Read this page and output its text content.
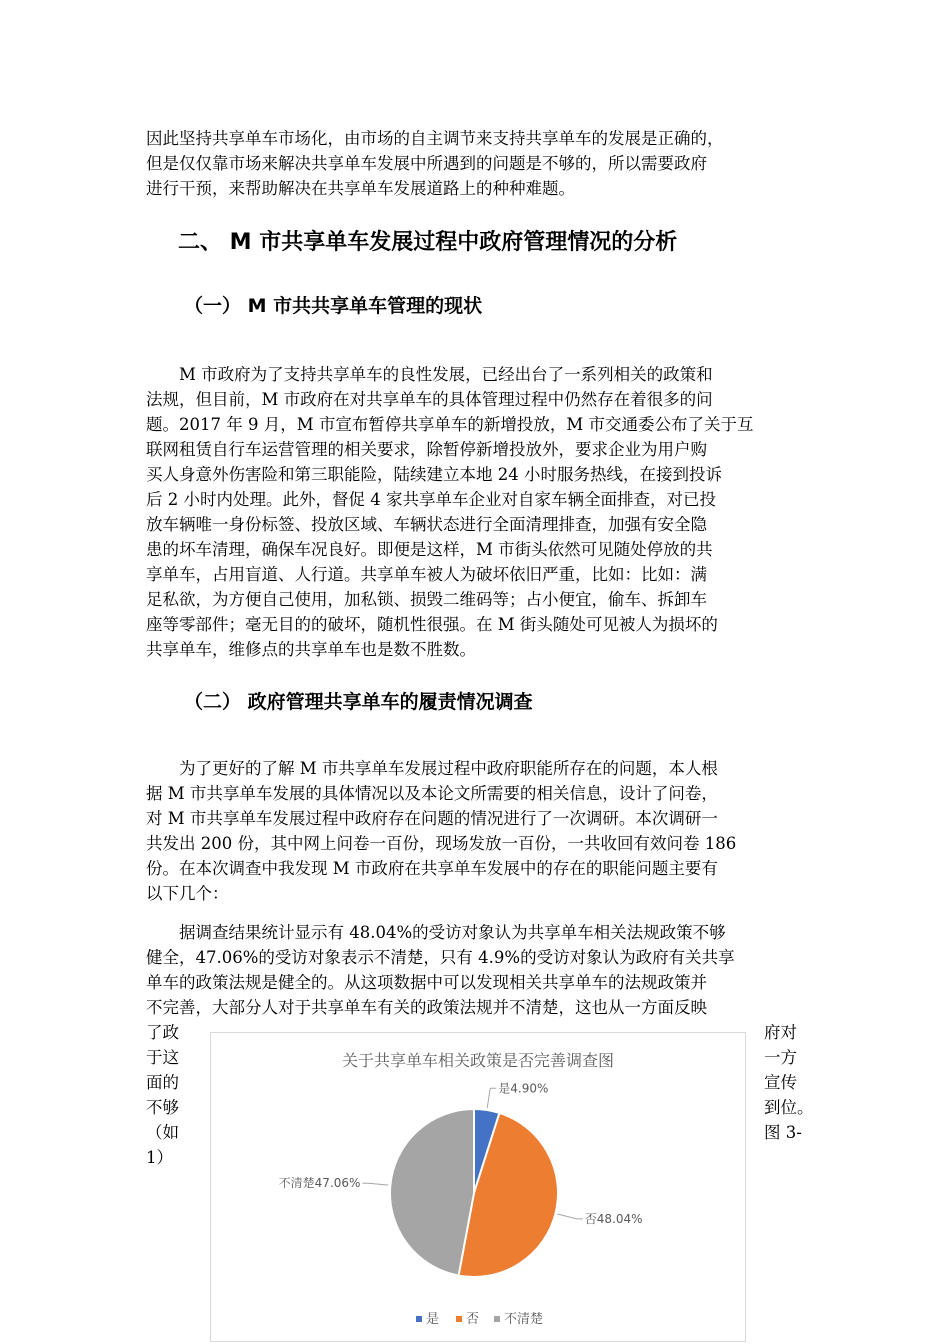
因此坚持共享单车市场化，由市场的自主调节来支持共享单车的发展是正确的，
但是仅仅靠市场来解决共享单车发展中所遇到的问题是不够的，所以需要政府
进行干预，来帮助解决在共享单车发展道路上的种种难题。

二、 M 市共享单车发展过程中政府管理情况的分析
（一） M 市共共享单车管理的现状

M 市政府为了支持共享单车的良性发展，已经出台了一系列相关的政策和
法规，但目前，M 市政府在对共享单车的具体管理过程中仍然存在着很多的问
题。2017 年 9 月，M 市宣布暂停共享单车的新增投放，M 市交通委公布了关于互
联网租赁自行车运营管理的相关要求，除暂停新增投放外，要求企业为用户购
买人身意外伤害险和第三职能险，陆续建立本地 24 小时服务热线，在接到投诉
后 2 小时内处理。此外，督促 4 家共享单车企业对自家车辆全面排查，对已投
放车辆唯一身份标签、投放区域、车辆状态进行全面清理排查，加强有安全隐
患的坏车清理，确保车况良好。即便是这样，M 市街头依然可见随处停放的共
享单车，占用盲道、人行道。共享单车被人为破坏依旧严重，比如：比如：满
足私欲，为方便自己使用，加私锁、损毁二维码等；占小便宜，偷车、拆卸车
座等零部件；毫无目的的破坏，随机性很强。在 M 街头随处可见被人为损坏的
共享单车，维修点的共享单车也是数不胜数。

（二） 政府管理共享单车的履责情况调查

为了更好的了解 M 市共享单车发展过程中政府职能所存在的问题，本人根
据 M 市共享单车发展的具体情况以及本论文所需要的相关信息，设计了问卷，
对 M 市共享单车发展过程中政府存在问题的情况进行了一次调研。本次调研一
共发出 200 份，其中网上问卷一百份，现场发放一百份，一共收回有效问卷 186
份。在本次调查中我发现 M 市政府在共享单车发展中的存在的职能问题主要有
以下几个：

据调查结果统计显示有 48.04%的受访对象认为共享单车相关法规政策不够
健全，47.06%的受访对象表示不清楚，只有 4.9%的受访对象认为政府有关共享
单车的政策法规是健全的。从这项数据中可以发现相关共享单车的法规政策并
不完善，大部分人对于共享单车有关的政策法规并不清楚，这也从一方面反映

了政
于这
面的
不够
（如
1）
府对
一方
宣传
到位。
图 3-
关于共享单车相关政策是否完善调查图
是4.90%
否48.04%
不清楚47.06%
是 否 不清楚
